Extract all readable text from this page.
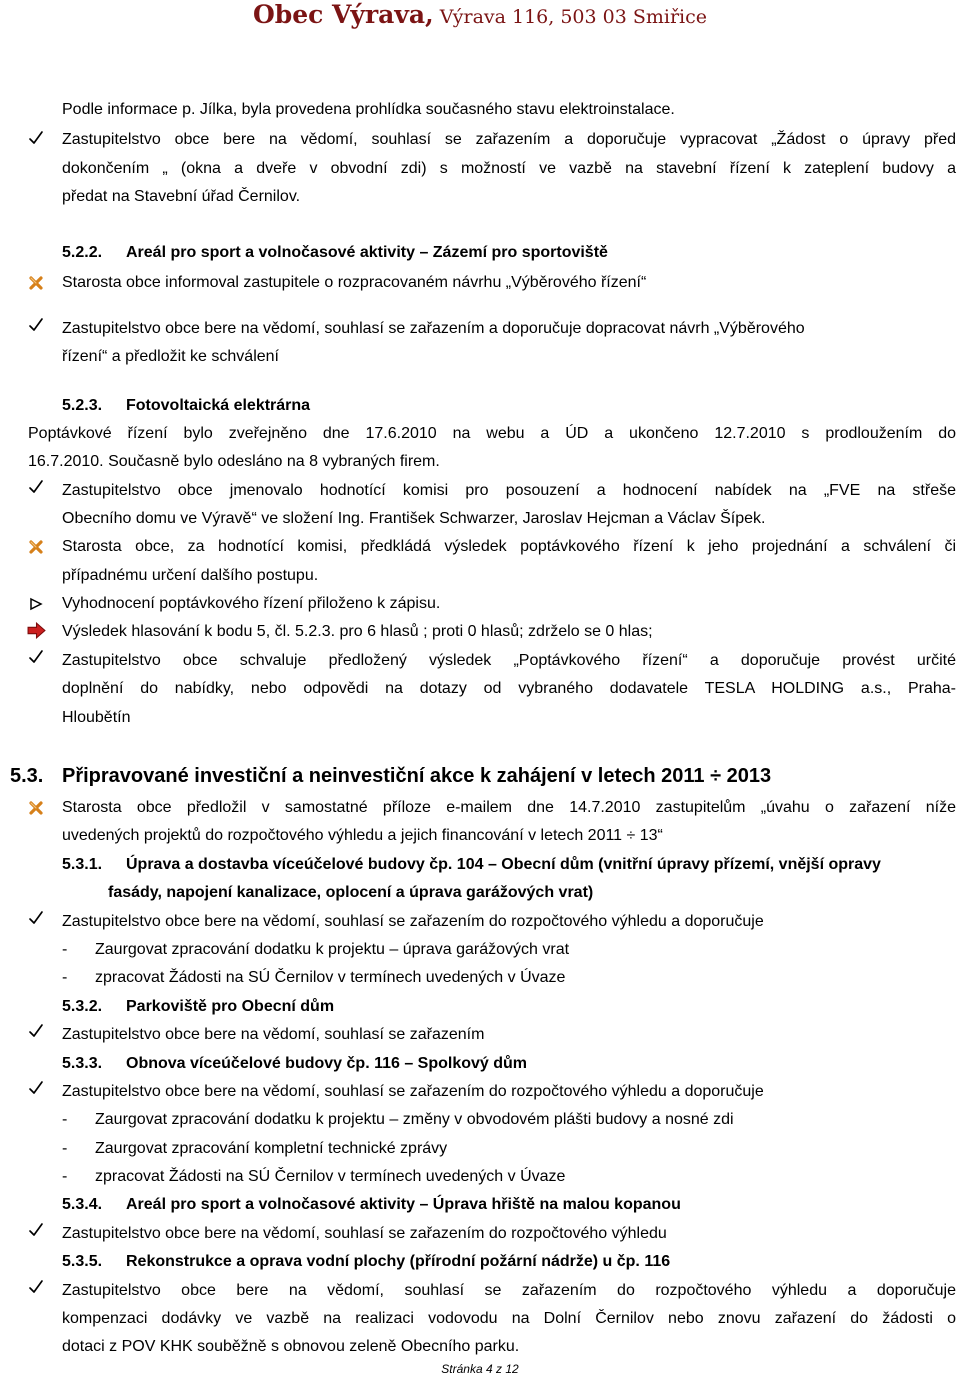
Obec Výrava, Výrava 116, 503 03 Smiřice
Podle informace p. Jílka, byla provedena prohlídka současného stavu elektroinstalace.
Zastupitelstvo obce bere na vědomí, souhlasí se zařazením a doporučuje vypracovat „Žádost o úpravy před
dokončením „ (okna a dveře v obvodní zdi) s možností ve vazbě na stavební řízení k zateplení budovy a
předat na Stavební úřad Černilov.
5.2.2. Areál pro sport a volnočasové aktivity – Zázemí pro sportoviště
Starosta obce informoval zastupitele o rozpracovaném návrhu „Výběrového řízení“
Zastupitelstvo obce bere na vědomí, souhlasí se zařazením a doporučuje dopracovat návrh „Výběrového
řízení“ a předložit ke schválení
5.2.3. Fotovoltaická elektrárna
Poptávkové řízení bylo zveřejněno dne 17.6.2010 na webu a ÚD a ukončeno 12.7.2010 s prodloužením do
16.7.2010. Současně bylo odesláno na 8 vybraných firem.
Zastupitelstvo obce jmenovalo hodnotící komisi pro posouzení a hodnocení nabídek na „FVE na střeše
Obecního domu ve Výravě“ ve složení Ing. František Schwarzer, Jaroslav Hejcman a Václav Šípek.
Starosta obce, za hodnotící komisi, předkládá výsledek poptávkového řízení k jeho projednání a schválení či
případnému určení dalšího postupu.
Vyhodnocení poptávkového řízení přiloženo k zápisu.
Výsledek hlasování k bodu 5, čl. 5.2.3. pro 6 hlasů ; proti 0 hlasů; zdrželo se 0 hlas;
Zastupitelstvo obce schvaluje předložený výsledek „Poptávkového řízení“ a doporučuje provést určité
doplnění do nabídky, nebo odpovědi na dotazy od vybraného dodavatele TESLA HOLDING a.s., Praha-
Hloubětín
5.3. Připravované investiční a neinvestiční akce k zahájení v letech 2011 ÷ 2013
Starosta obce předložil v samostatné příloze e-mailem dne 14.7.2010 zastupitelům „úvahu o zařazení níže
uvedených projektů do rozpočtového výhledu a jejich financování v letech 2011 ÷ 13“
5.3.1. Úprava a dostavba víceúčelové budovy čp. 104 – Obecní dům (vnitřní úpravy přízemí, vnější opravy
fasády, napojení kanalizace, oplocení a úprava garážových vrat)
Zastupitelstvo obce bere na vědomí, souhlasí se zařazením do rozpočtového výhledu a doporučuje
- Zaurgovat zpracování dodatku k projektu – úprava garážových vrat
- zpracovat Žádosti na SÚ Černilov v termínech uvedených v Úvaze
5.3.2. Parkoviště pro Obecní dům
Zastupitelstvo obce bere na vědomí, souhlasí se zařazením
5.3.3. Obnova víceúčelové budovy čp. 116 – Spolkový dům
Zastupitelstvo obce bere na vědomí, souhlasí se zařazením do rozpočtového výhledu a doporučuje
- Zaurgovat zpracování dodatku k projektu – změny v obvodovém plášti budovy a nosné zdi
- Zaurgovat zpracování kompletní technické zprávy
- zpracovat Žádosti na SÚ Černilov v termínech uvedených v Úvaze
5.3.4. Areál pro sport a volnočasové aktivity – Úprava hřiště na malou kopanou
Zastupitelstvo obce bere na vědomí, souhlasí se zařazením do rozpočtového výhledu
5.3.5. Rekonstrukce a oprava vodní plochy (přírodní požární nádrže) u čp. 116
Zastupitelstvo obce bere na vědomí, souhlasí se zařazením do rozpočtového výhledu a doporučuje
kompenzaci dodávky ve vazbě na realizaci vodovodu na Dolní Černilov nebo znovu zařazení do žádosti o
dotaci z POV KHK souběžně s obnovou zeleně Obecního parku.
Stránka 4 z 12
